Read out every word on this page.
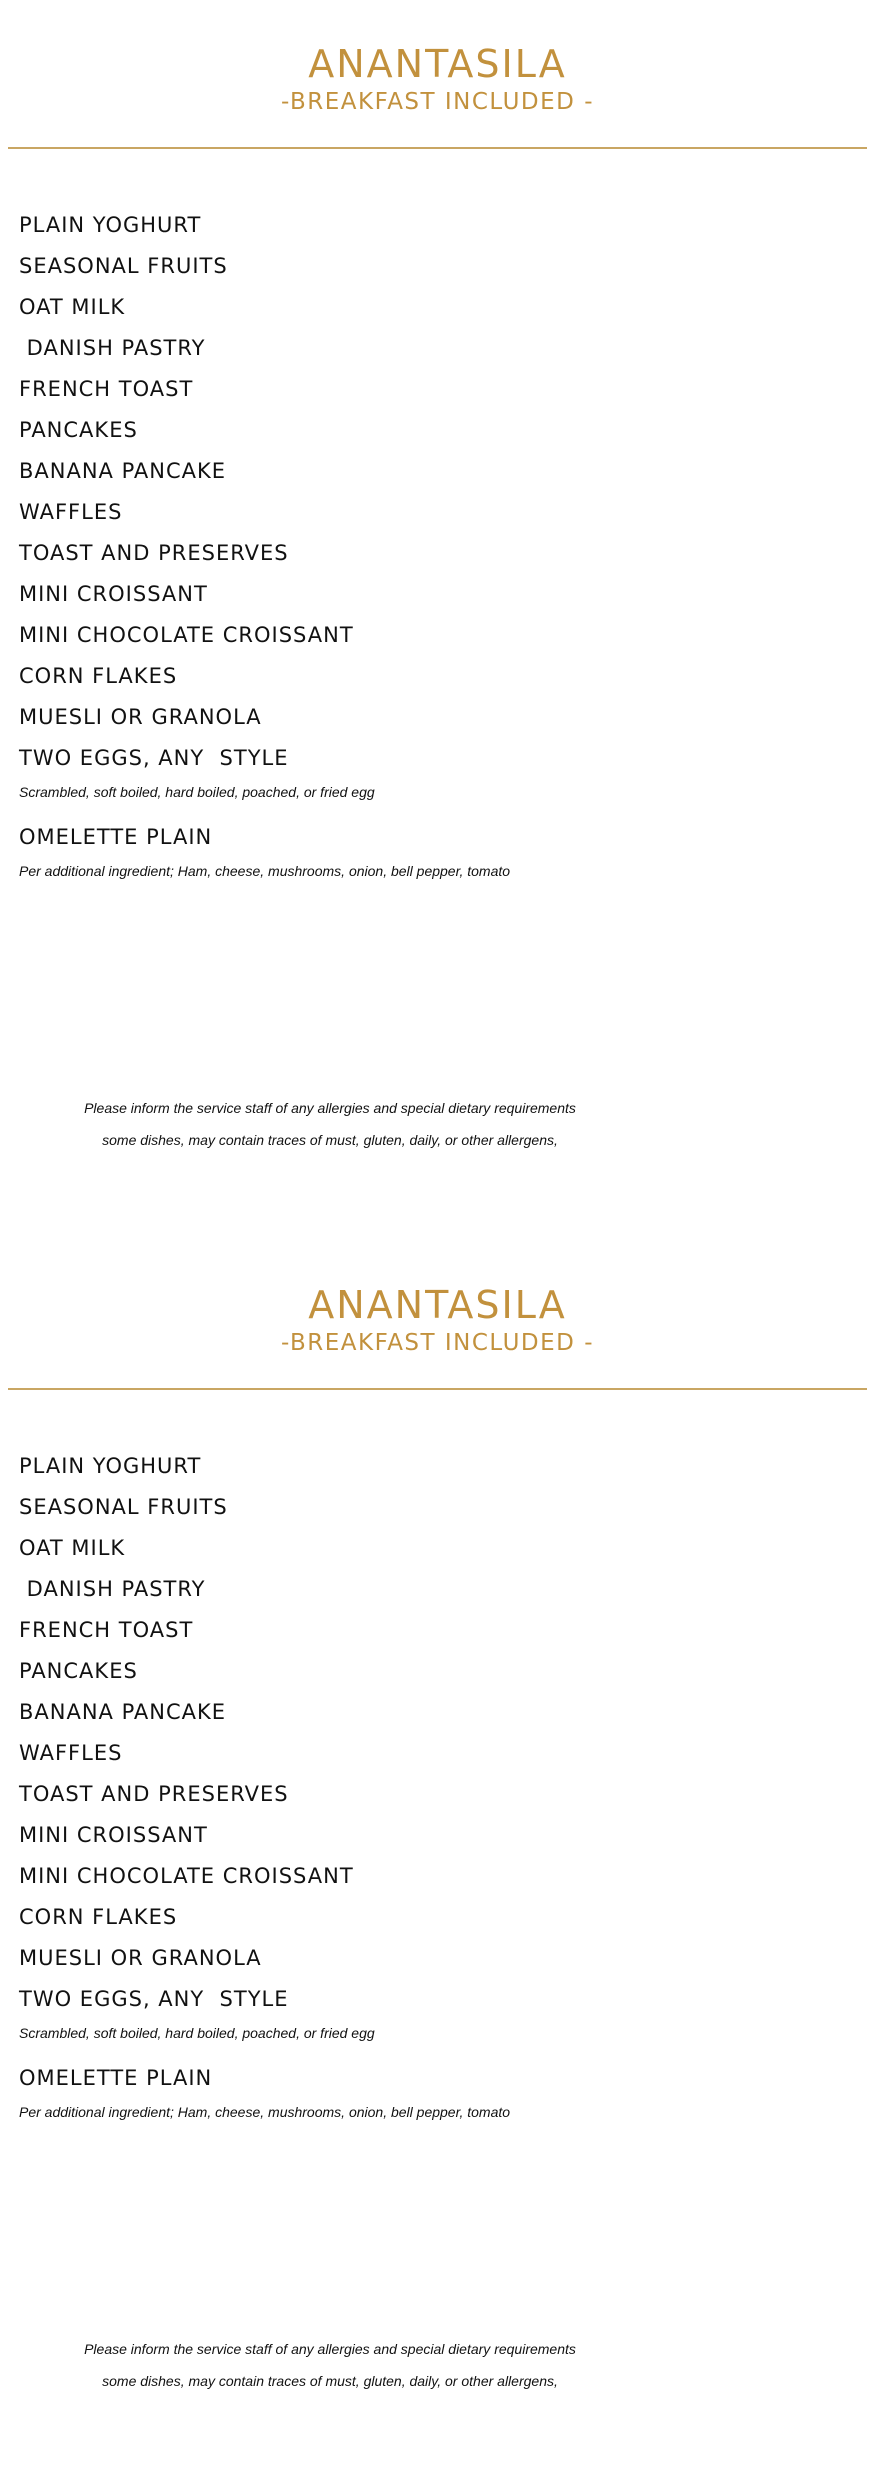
ANANTASILA
-BREAKFAST INCLUDED -
PLAIN YOGHURT
SEASONAL FRUITS
OAT MILK
DANISH PASTRY
FRENCH TOAST
PANCAKES
BANANA PANCAKE
WAFFLES
TOAST AND PRESERVES
MINI CROISSANT
MINI CHOCOLATE CROISSANT
CORN FLAKES
MUESLI OR GRANOLA
TWO EGGS, ANY  STYLE
Scrambled, soft boiled, hard boiled, poached, or fried egg
OMELETTE PLAIN
Per additional ingredient; Ham, cheese, mushrooms, onion, bell pepper, tomato
Please inform the service staff of any allergies and special dietary requirements
some dishes, may contain traces of must, gluten, daily, or other allergens,
ANANTASILA
-BREAKFAST INCLUDED -
PLAIN YOGHURT
SEASONAL FRUITS
OAT MILK
DANISH PASTRY
FRENCH TOAST
PANCAKES
BANANA PANCAKE
WAFFLES
TOAST AND PRESERVES
MINI CROISSANT
MINI CHOCOLATE CROISSANT
CORN FLAKES
MUESLI OR GRANOLA
TWO EGGS, ANY  STYLE
Scrambled, soft boiled, hard boiled, poached, or fried egg
OMELETTE PLAIN
Per additional ingredient; Ham, cheese, mushrooms, onion, bell pepper, tomato
Please inform the service staff of any allergies and special dietary requirements
some dishes, may contain traces of must, gluten, daily, or other allergens,
